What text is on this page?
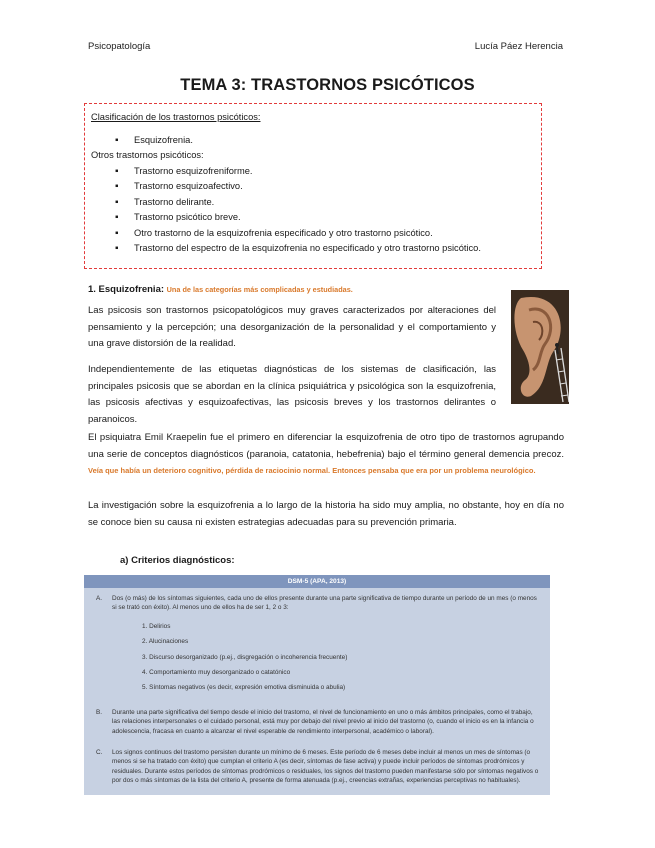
Psicopatología	Lucía Páez Herencia
TEMA 3: TRASTORNOS PSICÓTICOS
Clasificación de los trastornos psicóticos:
▪ Esquizofrenia.
Otros trastornos psicóticos:
▪ Trastorno esquizofreniforme.
▪ Trastorno esquizoafectivo.
▪ Trastorno delirante.
▪ Trastorno psicótico breve.
▪ Otro trastorno de la esquizofrenia especificado y otro trastorno psicótico.
▪ Trastorno del espectro de la esquizofrenia no especificado y otro trastorno psicótico.
1. Esquizofrenia: Una de las categorías más complicadas y estudiadas.

Las psicosis son trastornos psicopatológicos muy graves caracterizados por alteraciones del pensamiento y la percepción; una desorganización de la personalidad y el comportamiento y una grave distorsión de la realidad.

Independientemente de las etiquetas diagnósticas de los sistemas de clasificación, las principales psicosis que se abordan en la clínica psiquiátrica y psicológica son la esquizofrenia, las psicosis afectivas y esquizoafectivas, las psicosis breves y los trastornos delirantes o paranoicos.

El psiquiatra Emil Kraepelin fue el primero en diferenciar la esquizofrenia de otro tipo de trastornos agrupando una serie de conceptos diagnósticos (paranoia, catatonia, hebefrenia) bajo el término general demencia precoz. Veía que había un deterioro cognitivo, pérdida de raciocinio normal. Entonces pensaba que era por un problema neurológico.

La investigación sobre la esquizofrenia a lo largo de la historia ha sido muy amplia, no obstante, hoy en día no se conoce bien su causa ni existen estrategias adecuadas para su prevención primaria.

a) Criterios diagnósticos:
DSM-5 (APA, 2013)
A. Dos (o más) de los síntomas siguientes, cada uno de ellos presente durante una parte significativa de tiempo durante un período de un mes (o menos si se trató con éxito). Al menos uno de ellos ha de ser 1, 2 o 3:
1. Delirios
2. Alucinaciones
3. Discurso desorganizado (p.ej., disgregación o incoherencia frecuente)
4. Comportamiento muy desorganizado o catatónico
5. Síntomas negativos (es decir, expresión emotiva disminuida o abulia)
B. Durante una parte significativa del tiempo desde el inicio del trastorno, el nivel de funcionamiento en uno o más ámbitos principales, como el trabajo, las relaciones interpersonales o el cuidado personal, está muy por debajo del nivel previo al inicio del trastorno (o, cuando el inicio es en la infancia o adolescencia, fracasa en cuanto a alcanzar el nivel esperable de rendimiento interpersonal, académico o laboral).
C. Los signos continuos del trastorno persisten durante un mínimo de 6 meses. Este período de 6 meses debe incluir al menos un mes de síntomas (o menos si se ha tratado con éxito) que cumplan el criterio A (es decir, síntomas de fase activa) y puede incluir períodos de síntomas prodrómicos y residuales. Durante estos períodos de síntomas prodrómicos o residuales, los signos del trastorno pueden manifestarse sólo por síntomas negativos o por dos o más síntomas de la lista del criterio A, presente de forma atenuada (p.ej., creencias extrañas, experiencias perceptivas no habituales).
